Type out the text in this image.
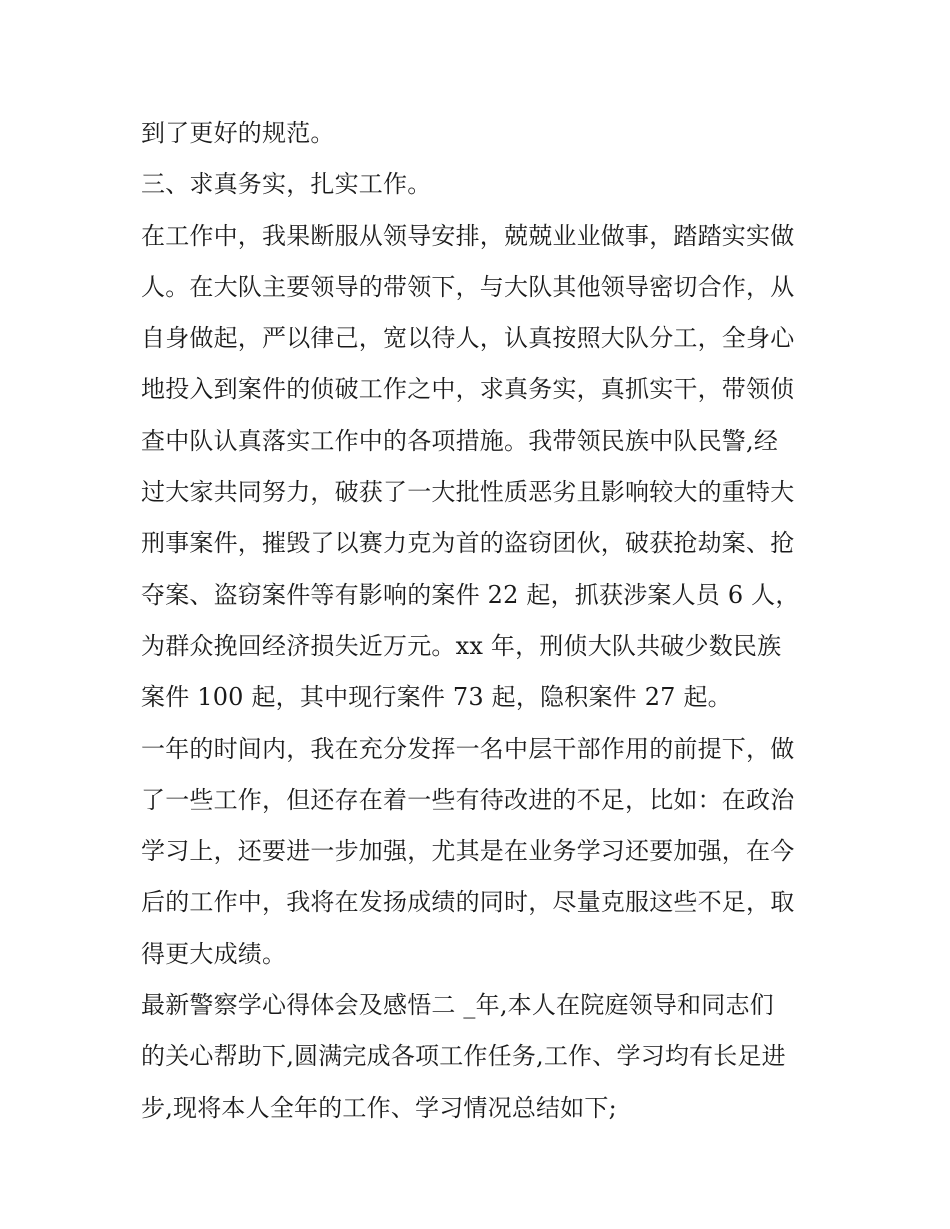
到了更好的规范。
三、求真务实，扎实工作。
在工作中，我果断服从领导安排，兢兢业业做事，踏踏实实做
人。在大队主要领导的带领下，与大队其他领导密切合作，从
自身做起，严以律己，宽以待人，认真按照大队分工，全身心
地投入到案件的侦破工作之中，求真务实，真抓实干，带领侦
查中队认真落实工作中的各项措施。我带领民族中队民警,经
过大家共同努力，破获了一大批性质恶劣且影响较大的重特大
刑事案件，摧毁了以赛力克为首的盗窃团伙，破获抢劫案、抢
夺案、盗窃案件等有影响的案件 22 起，抓获涉案人员 6 人，
为群众挽回经济损失近万元。xx 年，刑侦大队共破少数民族
案件 100 起，其中现行案件 73 起，隐积案件 27 起。
一年的时间内，我在充分发挥一名中层干部作用的前提下，做
了一些工作，但还存在着一些有待改进的不足，比如：在政治
学习上，还要进一步加强，尤其是在业务学习还要加强，在今
后的工作中，我将在发扬成绩的同时，尽量克服这些不足，取
得更大成绩。
最新警察学心得体会及感悟二 _年,本人在院庭领导和同志们
的关心帮助下,圆满完成各项工作任务,工作、学习均有长足进
步,现将本人全年的工作、学习情况总结如下;
